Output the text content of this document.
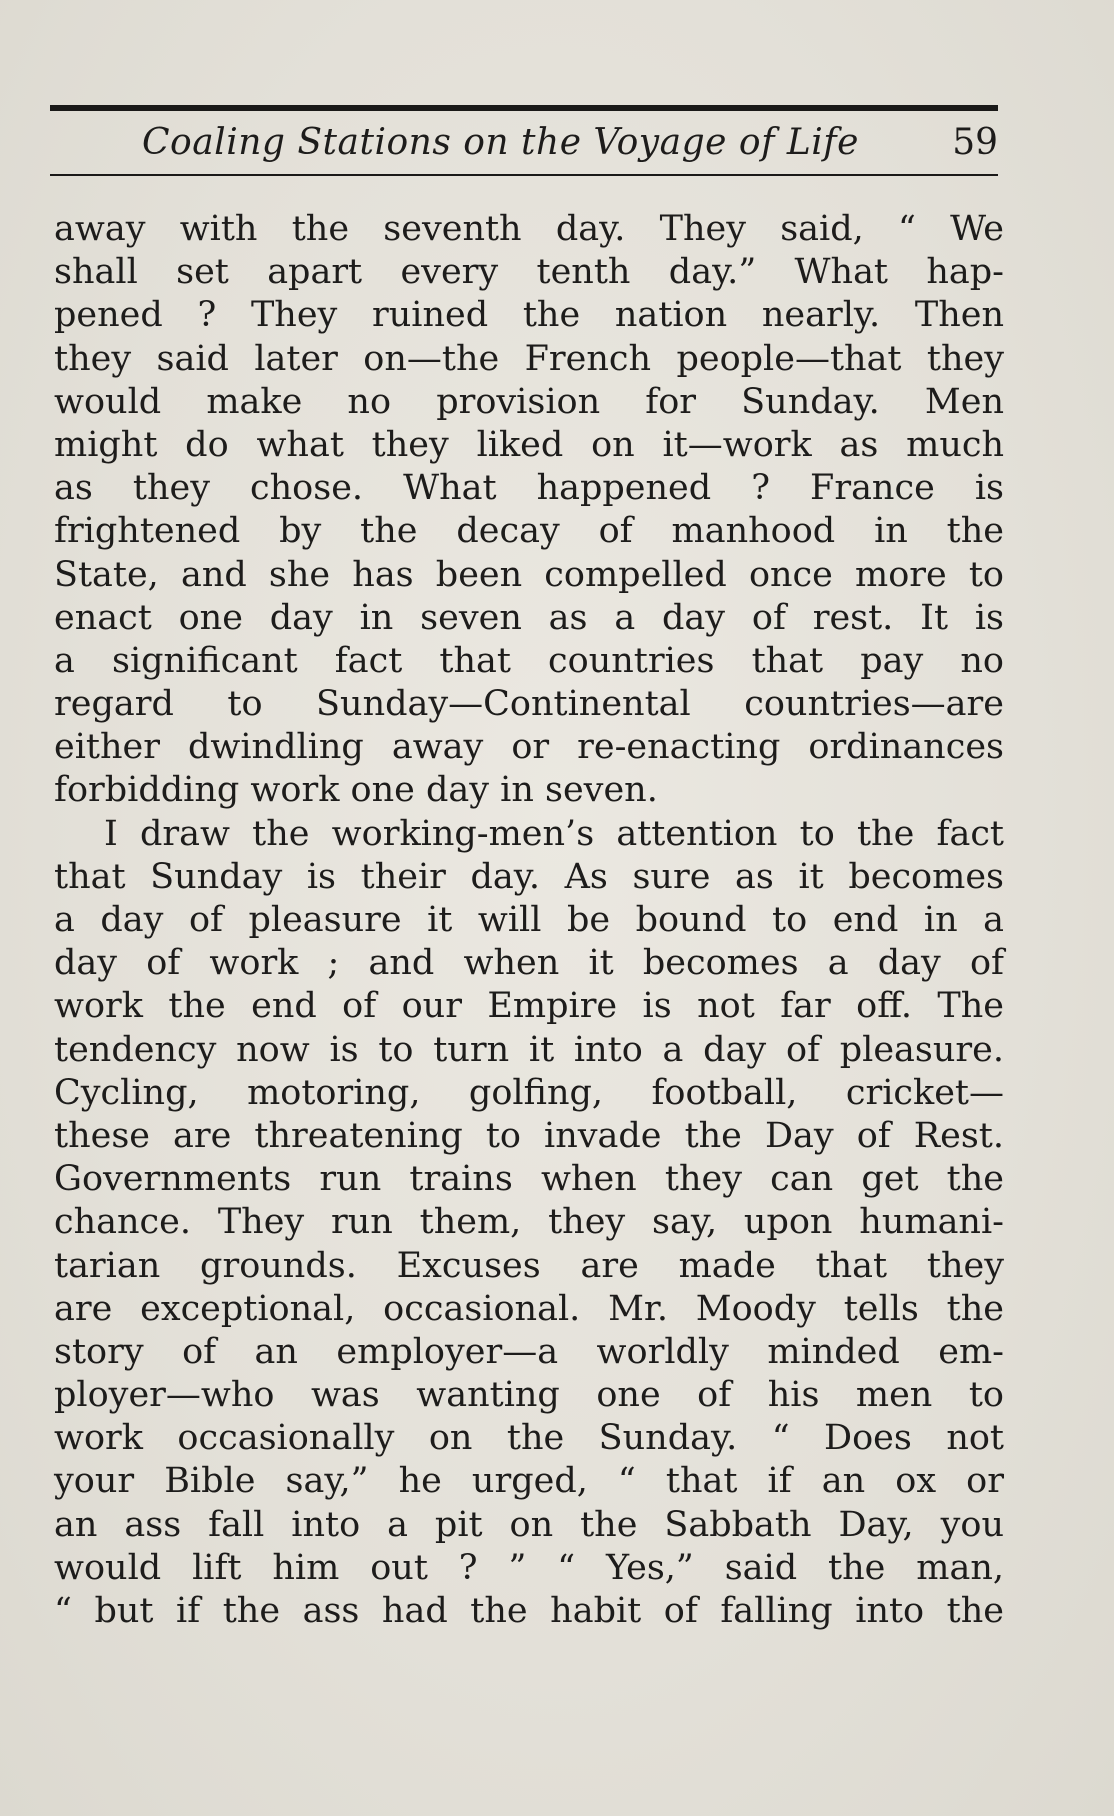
Coaling Stations on the Voyage of Life	59
away with the seventh day. They said, “ We
shall set apart every tenth day.” What hap-
pened ? They ruined the nation nearly. Then
they said later on—the French people—that they
would make no provision for Sunday. Men
might do what they liked on it—work as much
as they chose. What happened ? France is
frightened by the decay of manhood in the
State, and she has been compelled once more to
enact one day in seven as a day of rest. It is
a significant fact that countries that pay no
regard to Sunday—Continental countries—are
either dwindling away or re-enacting ordinances
forbidding work one day in seven.
I draw the working-men’s attention to the fact
that Sunday is their day. As sure as it becomes
a day of pleasure it will be bound to end in a
day of work ; and when it becomes a day of
work the end of our Empire is not far off. The
tendency now is to turn it into a day of pleasure.
Cycling, motoring, golfing, football, cricket—
these are threatening to invade the Day of Rest.
Governments run trains when they can get the
chance. They run them, they say, upon humani-
tarian grounds. Excuses are made that they
are exceptional, occasional. Mr. Moody tells the
story of an employer—a worldly minded em-
ployer—who was wanting one of his men to
work occasionally on the Sunday. “ Does not
your Bible say,” he urged, “ that if an ox or
an ass fall into a pit on the Sabbath Day, you
would lift him out ? ” “ Yes,” said the man,
“ but if the ass had the habit of falling into the
